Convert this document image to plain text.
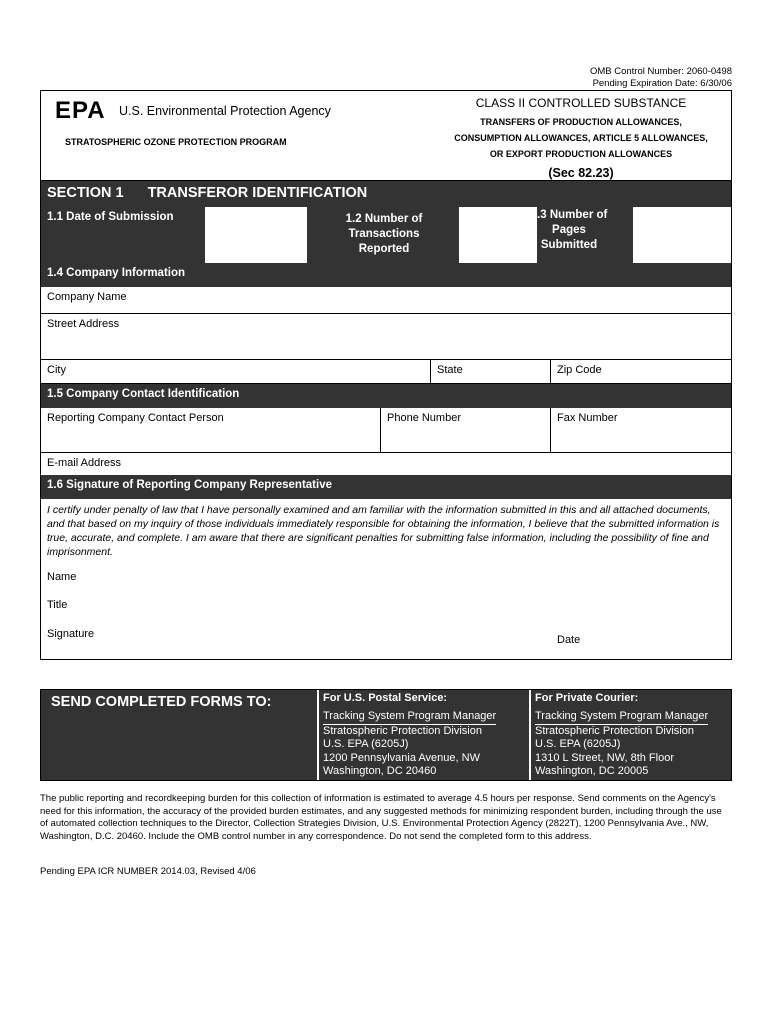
OMB Control Number: 2060-0498
Pending Expiration Date: 6/30/06
EPA U.S. Environmental Protection Agency
STRATOSPHERIC OZONE PROTECTION PROGRAM
CLASS II CONTROLLED SUBSTANCE
TRANSFERS OF PRODUCTION ALLOWANCES,
CONSUMPTION ALLOWANCES, ARTICLE 5 ALLOWANCES,
OR EXPORT PRODUCTION ALLOWANCES
(Sec 82.23)
SECTION 1 TRANSFEROR IDENTIFICATION
1.1 Date of Submission	1.2 Number of
Transactions
Reported
1.3 Number of
Pages
Submitted
1.4 Company Information
Company Name
Street Address
City	State	Zip Code
1.5 Company Contact Identification
Reporting Company Contact Person	Phone Number	Fax Number
E-mail Address
1.6 Signature of Reporting Company Representative
I certify under penalty of law that I have personally examined and am familiar with the information submitted in this and all attached documents, and that based on my inquiry of those individuals immediately responsible for obtaining the information, I believe that the submitted information is true, accurate, and complete. I am aware that there are significant penalties for submitting false information, including the possibility of fine and imprisonment.
Name
Title
Signature	Date
SEND COMPLETED FORMS TO:	For U.S. Postal Service:
Tracking System Program Manager
Stratospheric Protection Division
U.S. EPA (6205J)
1200 Pennsylvania Avenue, NW
Washington, DC 20460
For Private Courier:
Tracking System Program Manager
Stratospheric Protection Division
U.S. EPA (6205J)
1310 L Street, NW, 8th Floor
Washington, DC 20005
The public reporting and recordkeeping burden for this collection of information is estimated to average 4.5 hours per response. Send comments on the Agency's need for this information, the accuracy of the provided burden estimates, and any suggested methods for minimizing respondent burden, including through the use of automated collection techniques to the Director, Collection Strategies Division, U.S. Environmental Protection Agency (2822T), 1200 Pennsylvania Ave., NW, Washington, D.C. 20460. Include the OMB control number in any correspondence. Do not send the completed form to this address.
Pending EPA ICR NUMBER 2014.03, Revised 4/06
